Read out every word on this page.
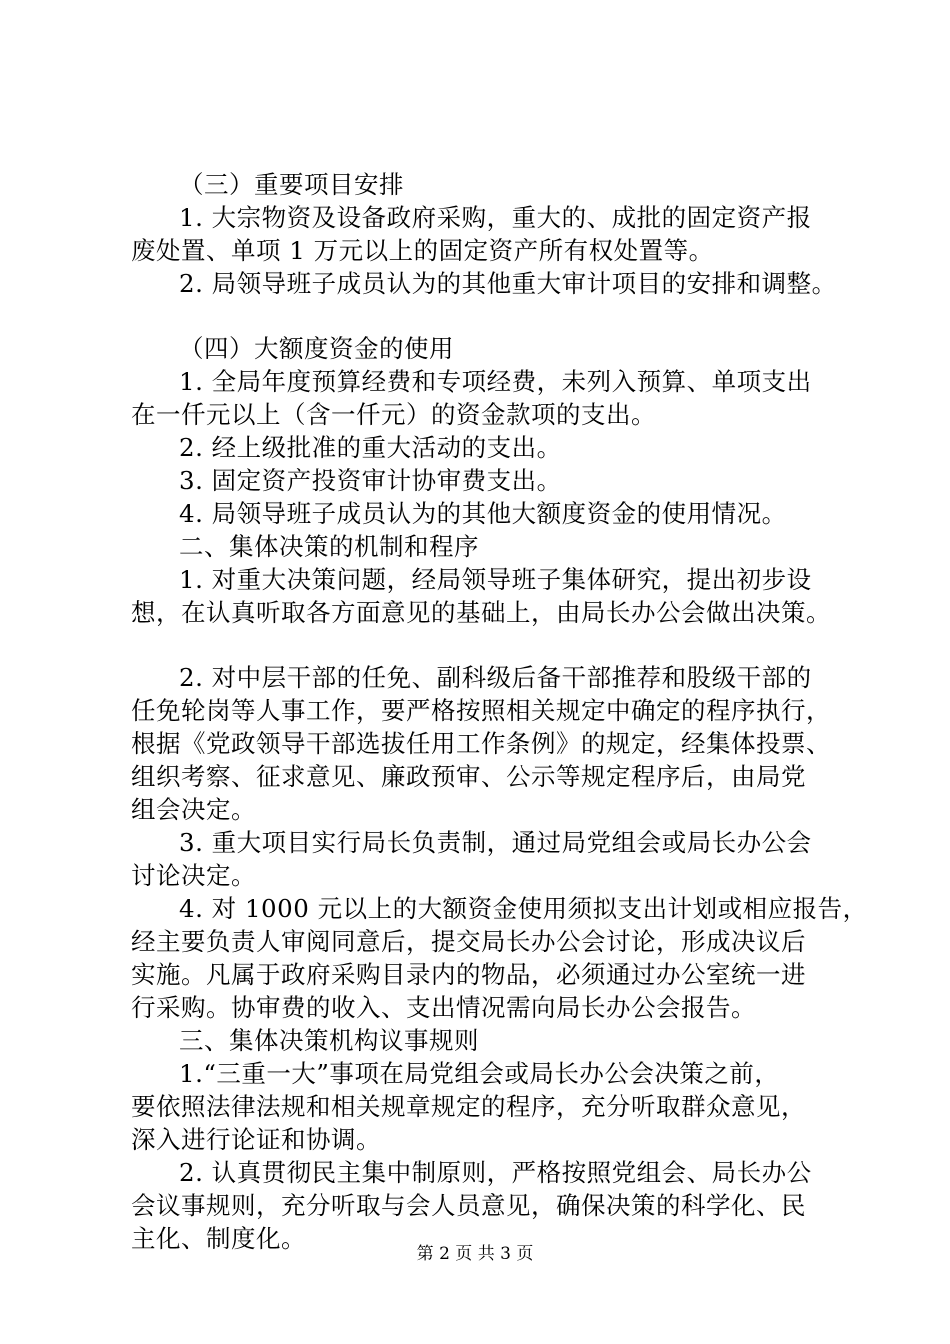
（三）重要项目安排
1. 大宗物资及设备政府采购，重大的、成批的固定资产报
废处置、单项 1 万元以上的固定资产所有权处置等。
2. 局领导班子成员认为的其他重大审计项目的安排和调整。
（四）大额度资金的使用
1. 全局年度预算经费和专项经费，未列入预算、单项支出
在一仟元以上（含一仟元）的资金款项的支出。
2. 经上级批准的重大活动的支出。
3. 固定资产投资审计协审费支出。
4. 局领导班子成员认为的其他大额度资金的使用情况。
二、集体决策的机制和程序
1. 对重大决策问题，经局领导班子集体研究，提出初步设
想，在认真听取各方面意见的基础上，由局长办公会做出决策。
2. 对中层干部的任免、副科级后备干部推荐和股级干部的
任免轮岗等人事工作，要严格按照相关规定中确定的程序执行，
根据《党政领导干部选拔任用工作条例》的规定，经集体投票、
组织考察、征求意见、廉政预审、公示等规定程序后，由局党
组会决定。
3. 重大项目实行局长负责制，通过局党组会或局长办公会
讨论决定。
4. 对 1000 元以上的大额资金使用须拟支出计划或相应报告，
经主要负责人审阅同意后，提交局长办公会讨论，形成决议后
实施。凡属于政府采购目录内的物品，必须通过办公室统一进
行采购。协审费的收入、支出情况需向局长办公会报告。
三、集体决策机构议事规则
1.“三重一大”事项在局党组会或局长办公会决策之前，
要依照法律法规和相关规章规定的程序，充分听取群众意见，
深入进行论证和协调。
2. 认真贯彻民主集中制原则，严格按照党组会、局长办公
会议事规则，充分听取与会人员意见，确保决策的科学化、民
主化、制度化。
第 2 页 共 3 页
